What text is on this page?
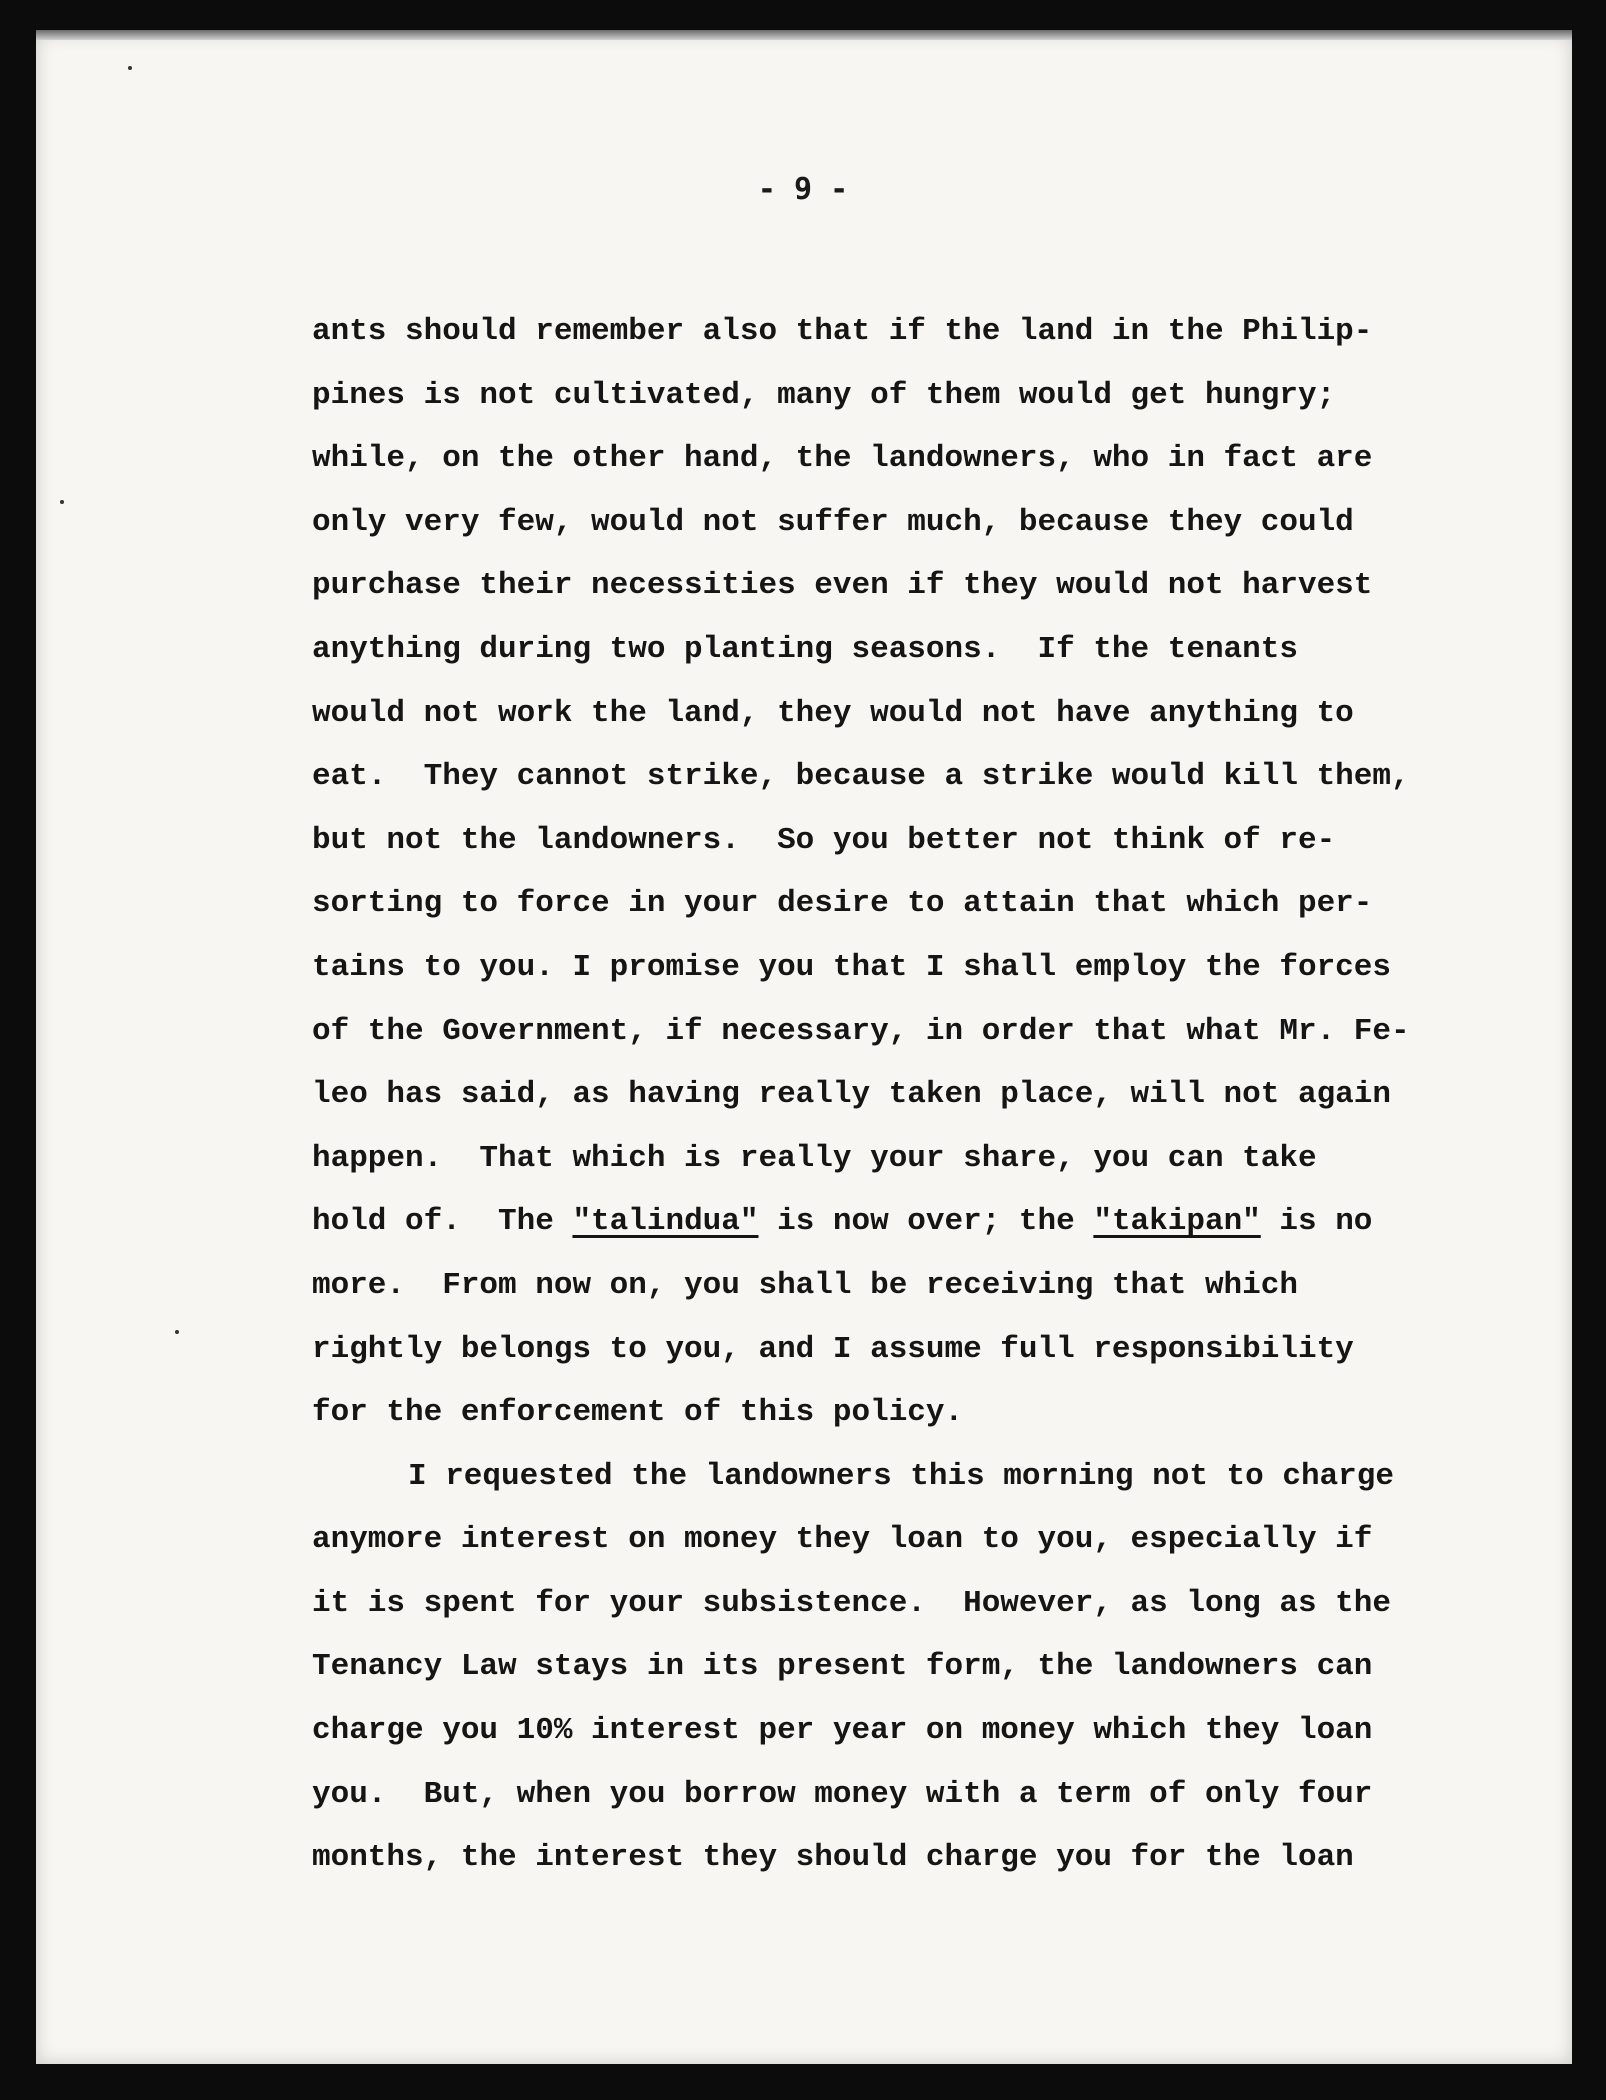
- 9 -
ants should remember also that if the land in the Philip-
pines is not cultivated, many of them would get hungry;
while, on the other hand, the landowners, who in fact are
only very few, would not suffer much, because they could
purchase their necessities even if they would not harvest
anything during two planting seasons.  If the tenants
would not work the land, they would not have anything to
eat.  They cannot strike, because a strike would kill them,
but not the landowners.  So you better not think of re-
sorting to force in your desire to attain that which per-
tains to you. I promise you that I shall employ the forces
of the Government, if necessary, in order that what Mr. Fe-
leo has said, as having really taken place, will not again
happen.  That which is really your share, you can take
hold of.  The "talindua" is now over; the "takipan" is no
more.  From now on, you shall be receiving that which
rightly belongs to you, and I assume full responsibility
for the enforcement of this policy.
I requested the landowners this morning not to charge
anymore interest on money they loan to you, especially if
it is spent for your subsistence.  However, as long as the
Tenancy Law stays in its present form, the landowners can
charge you 10% interest per year on money which they loan
you.  But, when you borrow money with a term of only four
months, the interest they should charge you for the loan
